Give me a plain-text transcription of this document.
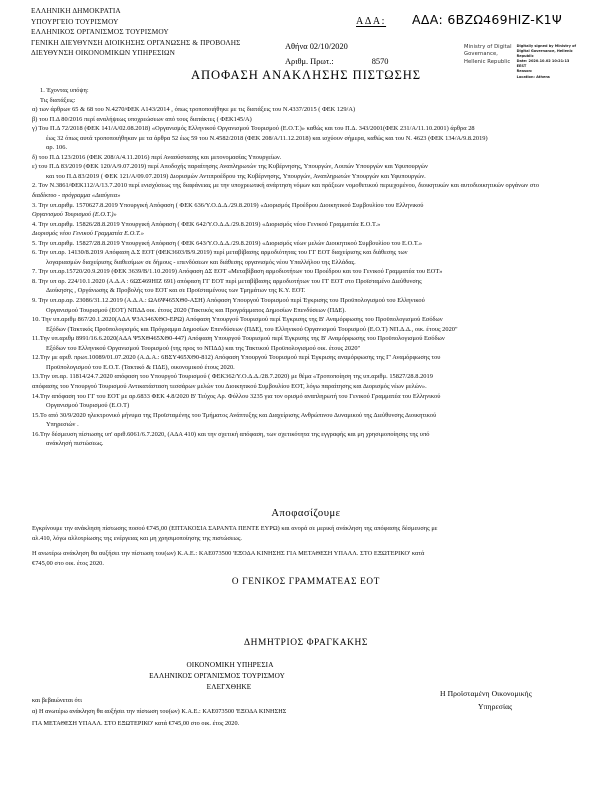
ΕΛΛΗΝΙΚΗ ΔΗΜΟΚΡΑΤΙΑ
ΥΠΟΥΡΓΕΙΟ ΤΟΥΡΙΣΜΟΥ
ΕΛΛΗΝΙΚΟΣ ΟΡΓΑΝΙΣΜΟΣ ΤΟΥΡΙΣΜΟΥ
ΓΕΝΙΚΗ ΔΙΕΥΘΥΝΣΗ ΔΙΟΙΚΗΣΗΣ ΟΡΓΑΝΩΣΗΣ & ΠΡΟΒΟΛΗΣ
ΔΙΕΥΘΥΝΣΗ ΟΙΚΟΝΟΜΙΚΩΝ ΥΠΗΡΕΣΙΩΝ
ΑΔΑ: ΑΔΑ: 6BZΩ469HIZ-K1Ψ
Αθήνα 02/10/2020
Αριθμ. Πρωτ.:	8570
Ministry of Digital
Governance,
Hellenic Republic
Digitally signed by Ministry of
Digital Governance, Hellenic
Republic
Date: 2020.10.02 10:21:13
EEST
Reason:
Location: Athens
ΑΠΟΦΑΣΗ ΑΝΑΚΛΗΣΗΣ ΠΙΣΤΩΣΗΣ
1. Έχοντας υπόψη:
Τις διατάξεις:
α) των άρθρων 65 & 68 του Ν.4270/ΦΕΚ Α143/2014 , όπως τροποποιήθηκε με τις διατάξεις του Ν.4337/2015 ( ΦΕΚ 129/Α)
β) του Π.Δ 80/2016 περί αναλήψεως υποχρεώσεων από τους διατάκτες ( ΦΕΚ145/Α)
γ) Του Π.Δ 72/2018 (ΦΕΚ 141/Α/02.08.2018) «Οργανισμός Ελληνικού Οργανισμού Τουρισμού (Ε.Ο.Τ.)» καθώς και του Π.Δ. 343/2001(ΦΕΚ 231/Α/11.10.2001) άρθρα 28
έως 32 όπως αυτά τροποποιήθηκαν με τα άρθρα 52 έως 59 του Ν.4582/2018 (ΦΕΚ 208/Α/11.12.2018) και ισχύουν σήμερα, καθώς και του Ν. 4623 (ΦΕΚ 134/Α/9.8.2019)
αρ. 106.
δ) του Π.Δ 123/2016 (ΦΕΚ 208/Α/4.11.2016) περί Ανασύστασης και μετονομασίας Υπουργείων.
ε) του Π.Δ 83/2019 (ΦΕΚ 120/Α/9.07.2019) περί Αποδοχής παραίτησης Αναπληρωτών της Κυβέρνησης, Υπουργών, Λοιπών Υπουργών και Υφυπουργών
και του Π.Δ 83/2019 ( ΦΕΚ 121/Α/09.07.2019) Διορισμών Αντιπροέδρου της Κυβέρνησης, Υπουργών, Αναπληρωτών Υπουργών και Υφυπουργών.
2. Τον Ν.3861/ΦΕΚ112/Α/13.7.2010 περί ενισχύσεως της διαφάνειας με την υποχρεωτική ανάρτηση νόμων και πράξεων νομοθετικού περιεχομένου, διοικητικών και αυτοδιοικητικών οργάνων στο
διαδίκτυο - πρόγραμμα «Διαύγεια»
3. Την υπ.αριθμ. 1570627.8.2019 Υπουργική Απόφαση ( ΦΕΚ 636/Υ.Ο.Δ.Δ./29.8.2019) «Διορισμός Προέδρου Διοικητικού Συμβουλίου του Ελληνικού
Οργανισμού Τουρισμού (Ε.Ο.Τ.)»
4. Την υπ.αριθμ. 15826/28.8.2019 Υπουργική Απόφαση ( ΦΕΚ 642/Υ.Ο.Δ.Δ./29.8.2019) «Διορισμός νέου Γενικού Γραμματέα Ε.Ο.Τ.»
Διορισμός νέου Γενικού Γραμματέα Ε.Ο.Τ.»
5. Την υπ.αριθμ. 15827/28.8.2019 Υπουργική Απόφαση ( ΦΕΚ 643/Υ.Ο.Δ.Δ./29.8.2019) «Διορισμός νέων μελών Διοικητικού Συμβουλίου του Ε.Ο.Τ.»
6. Την υπ.αρ. 14130/8.2019 Απόφαση Δ.Σ ΕΟΤ (ΦΕΚ3603/Β/9.2019) περί μεταβίβασης αρμοδιότητας του ΓΓ ΕΟΤ διαχείρισης και διάθεσης των
λογαριασμών διαχείρισης διαθεσίμων σε δήμους - επενδύσεων και διάθεσης οργανισμός νέου Υπαλλήλου της Ελλάδας.
7. Την υπ.αρ.15720/20.9.2019 (ΦΕΚ 3639/Β/1.10.2019) Απόφαση ΔΣ ΕΟΤ «Μεταβίβαση αρμοδιοτήτων του Προέδρου και του Γενικού Γραμματέα του ΕΟΤ»
8. Την υπ αρ. 224/10.1.2020 (Α.Δ.Α : 6ΩΣ469ΗΙΖ 691) απόφαση ΓΓ ΕΟΤ περί μεταβίβασης αρμοδιοτήτων του ΓΓ ΕΟΤ στο Προϊσταμένο Διεύθυνσης
Διοίκησης , Οργάνωσης & Προβολής του ΕΟΤ και σε Προϊσταμένους των Τμημάτων της Κ.Υ. ΕΟΤ.
9. Την υπ.αρ.αρ. 23086/31.12.2019 (Α.Δ.Α.: ΩΑ6Ψ465ΧΘ0-ΑΣΗ) Απόφαση Υπουργού Τουρισμού περί Έγκρισης του Προϋπολογισμού του Ελληνικού
Οργανισμού Τουρισμού (ΕΟΤ) ΝΠΔΔ οικ. έτους 2020 (Τακτικός και Προγράμματος Δημοσίων Επενδύσεων (ΠΔΕ).
10. Την υπ.αριθμ 867/20.1.2020(ΑΔΑ Ψ3Α346ΧΘΟ-ΕΡΩ) Απόφαση Υπουργού Τουρισμού περί Έγκρισης της Β' Αναμόρφωσης του Προϋπολογισμού Εσόδων
Εξόδων (Τακτικός Προϋπολογισμός και Πρόγραμμα Δημοσίων Επενδύσεων (ΠΔΕ), του Ελληνικού Οργανισμού Τουρισμού (Ε.Ο.Τ) ΝΠ.Δ.Δ., οικ. έτους 2020"
11.Την υπ.αριθμ 8991/16.6.2020(ΑΔΑ Ψ5ΧΘ465ΧΘ0-447) Απόφαση Υπουργού Τουρισμού περί Έγκρισης της Β' Αναμόρφωσης του Προϋπολογισμού Εσόδων
Εξόδων του Ελληνικού Οργανισμού Τουρισμού (της προς το ΝΠΔΔ) και της Τακτικού Προϋπολογισμού οικ. έτους 2020"
12.Την με αριθ. πρωτ.10089/01.07.2020 (Α.Δ.Α.: 6ΒΣΥ465ΧΘ0-812) Απόφαση Υπουργού Τουρισμού περί Έγκρισης αναμόρφωσης της Γ' Αναμόρφωσης του
Προϋπολογισμού του Ε.Ο.Τ. (Τακτικό & ΠΔΕ), οικονομικού έτους 2020.
13.Την υπ.αρ. 11814/24.7.2020 απόφαση του Υπουργού Τουρισμού ( ΦΕΚ362/Υ.Ο.Δ.Δ./28.7.2020) με θέμα «Τροποποίηση της υπ.αριθμ. 15827/28.8.2019
απόφασης του Υπουργού Τουρισμού Αντικατάσταση τεσσάρων μελών του Διοικητικού Συμβουλίου ΕΟΤ, λόγω παραίτησης και Διορισμός νέων μελών».
14.Την απόφαση του ΓΓ του ΕΟΤ με αρ.6833 ΦΕΚ 4.8/2020 Β' Τεύχος Αρ. Φύλλου 3235 για τον ορισμό αναπληρωτή του Γενικού Γραμματέα του Ελληνικού
Οργανισμού Τουρισμού (Ε.Ο.Τ)
15.Το από 30/9/2020 ηλεκτρονικό μήνυμα της Προϊσταμένης του Τμήματος Ανάπτυξης και Διαχείρισης Ανθρώπινου Δυναμικού της Διεύθυνσης Διοικητικού
Υπηρεσιών .
16.Την δέσμευση πίστωσης υπ' αριθ.6061/6.7.2020, (ΑΔΑ 410) και την σχετική απόφαση, των σχετικότητα της εγγραφής και μη χρησιμοποίησης της υπό
ανάκλησή πιστώσεως.
Αποφασίζουμε
Εγκρίνουμε την ανάκληση πίστωσης ποσού €745,00 (ΕΠΤΑΚΟΣΙΑ ΣΑΡΑΝΤΑ ΠΕΝΤΕ ΕΥΡΩ) και ανορά σε μερική ανάκληση της απόφασης δέσμευσης με
αλ.410, λόγω αλλοτρίωσης της ενέργειας και μη χρησιμοποίησης της πιστώσεως.
Η ανωτέρω ανάκληση θα αυξήσει την πίστωση του(ων) Κ.Α.Ε.: ΚΑΕ073500 'ΕΞΟΔΑ ΚΙΝΗΣΗΣ ΓΙΑ ΜΕΤΑΘΕΣΗ ΥΠΑΛΛ. ΣΤΟ ΕΞΩΤΕΡΙΚΟ' κατά
€745,00 στο οικ. έτος 2020.
Ο ΓΕΝΙΚΟΣ ΓΡΑΜΜΑΤΕΑΣ ΕΟΤ
ΔΗΜΗΤΡΙΟΣ ΦΡΑΓΚΑΚΗΣ
ΟΙΚΟΝΟΜΙΚΗ ΥΠΗΡΕΣΙΑ
ΕΛΛΗΝΙΚΟΣ ΟΡΓΑΝΙΣΜΟΣ ΤΟΥΡΙΣΜΟΥ
ΕΛΕΓΧΘΗΚΕ
και βεβαιώνεται ότι
α) Η ανωτέρω ανάκληση θα αυξήσει την πίστωση του(ων) Κ.Α.Ε.: ΚΑΕ073500 'ΕΞΟΔΑ ΚΙΝΗΣΗΣ
ΓΙΑ ΜΕΤΑΘΕΣΗ ΥΠΑΛΛ. ΣΤΟ ΕΞΩΤΕΡΙΚΟ' κατά €745,00 στο οικ. έτος 2020.
Η Προϊσταμένη Οικονομικής
Υπηρεσίας
